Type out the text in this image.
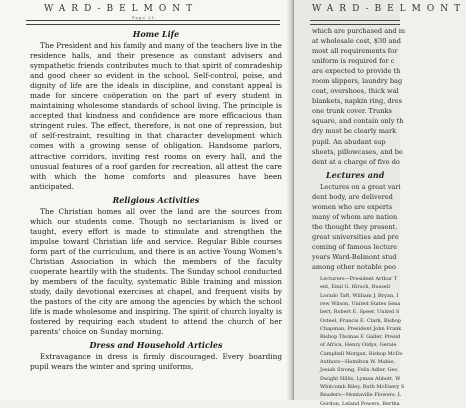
WARD-BELMONT
Page 21
Home Life

The President and his family and many of the teachers live in the residence halls, and their presence as constant advisers and sympathetic friends contributes much to that spirit of comradeship and good cheer so evident in the school. Self-control, poise, and dignity of life are the ideals in discipline, and constant appeal is made for sincere coöperation on the part of every student in maintaining wholesome standards of school living. The principle is accepted that kindness and confidence are more efficacious than stringent rules. The effect, therefore, is not one of repression, but of self-restraint, resulting in that character development which comes with a growing sense of obligation. Handsome parlors, attractive corridors, inviting rest rooms on every hall, and the unusual features of a roof garden for recreation, all attest the care with which the home comforts and pleasures have been anticipated.

Religious Activities

The Christian homes all over the land are the sources from which our students come. Though no sectarianism is lived or taught, every effort is made to stimulate and strengthen the impulse toward Christian life and service. Regular Bible courses form part of the curriculum, and there is an active Young Women's Christian Association in which the members of the faculty cooperate heartily with the students. The Sunday school conducted by members of the faculty, systematic Bible training and mission study, daily devotional exercises at chapel, and frequent visits by the pastors of the city are among the agencies by which the school life is made wholesome and inspiring. The spirit of church loyalty is fostered by requiring each student to attend the church of her parents' choice on Sunday morning.

Dress and Household Articles

Extravagance in dress is firmly discouraged. Every boarding pupil wears the winter and spring uniforms,

WARD-BELMONT

which are purchased and m

at wholesale cost, $30 and

most all requirements for

uniform is required for c

are expected to provide th

room slippers, laundry bag

coat, overshoes, thick wal

blankets, napkin ring, dres

one trunk cover. Trunks

square, and contain only th

dry must be clearly mark

pupil. An abudant sup

sheets, pillowcases, and be

dent at a charge of five do

Lectures and

Lectures on a great vari

dent body, are delivered

women who are experts

many of whom are nation

the thought they present.

great universities and pre

coming of famous lecture

years Ward-Belmont stud

among other notable peo

Lecturers—President Arthur T

ent, Emil G. Hirsch, Russell

Lorado Taft, William J. Bryan, I

rew Wilson, United States Sena

bert, Robert E. Speer, United S

Osteel, Francis E. Clark, Bishop

Chapman, President John Frank

Bishop Thomas F. Galler, Presid

of Africa, Henry Oldys, Gerale

Campbell Morgan, Bishop McDo

Authors—Hamilton W. Mabie,

Josiah Strong, Felix Adler, Geo

Dwight Hillis, Lyman Abbott, W

Whitcomb Riley, Ruth McEnery S

Readers—Montaville Flowers, L

Gordon, Leland Powers, Bertha
